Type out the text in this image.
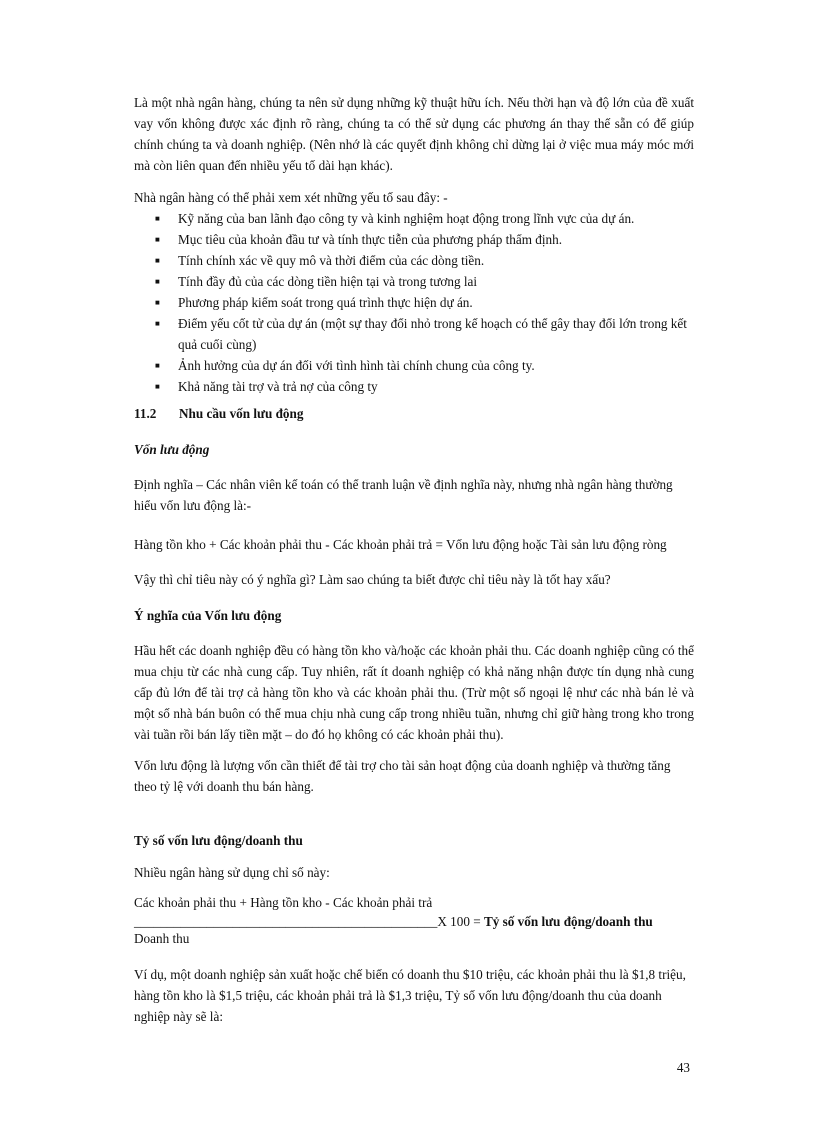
Là một nhà ngân hàng, chúng ta nên sử dụng những kỹ thuật hữu ích. Nếu thời hạn và độ lớn của đề xuất vay vốn không được xác định rõ ràng, chúng ta có thể sử dụng các phương án thay thế sẵn có để giúp chính chúng ta và doanh nghiệp. (Nên nhớ là các quyết định không chỉ dừng lại ở việc mua máy móc mới mà còn liên quan đến nhiều yếu tố dài hạn khác).

Nhà ngân hàng có thể phải xem xét những yếu tố sau đây: -

■ Kỹ năng của ban lãnh đạo công ty và kinh nghiệm hoạt động trong lĩnh vực của dự án.
■ Mục tiêu của khoản đầu tư và tính thực tiễn của phương pháp thẩm định.
■ Tính chính xác về quy mô và thời điểm của các dòng tiền.
■ Tính đầy đủ của các dòng tiền hiện tại và trong tương lai
■ Phương pháp kiểm soát trong quá trình thực hiện dự án.
■ Điểm yếu cốt tử của dự án (một sự thay đổi nhỏ trong kế hoạch có thể gây thay đổi lớn trong kết quả cuối cùng)
■ Ảnh hưởng của dự án đối với tình hình tài chính chung của công ty.
■ Khả năng tài trợ và trả nợ của công ty

11.2 Nhu cầu vốn lưu động

Vốn lưu động

Định nghĩa – Các nhân viên kế toán có thể tranh luận về định nghĩa này, nhưng nhà ngân hàng thường hiểu vốn lưu động là:-

Hàng tồn kho + Các khoản phải thu - Các khoản phải trả = Vốn lưu động hoặc Tài sản lưu động ròng

Vậy thì chỉ tiêu này có ý nghĩa gì? Làm sao chúng ta biết được chỉ tiêu này là tốt hay xấu?

Ý nghĩa của Vốn lưu động

Hầu hết các doanh nghiệp đều có hàng tồn kho và/hoặc các khoản phải thu. Các doanh nghiệp cũng có thể mua chịu từ các nhà cung cấp. Tuy nhiên, rất ít doanh nghiệp có khả năng nhận được tín dụng nhà cung cấp đủ lớn để tài trợ cả hàng tồn kho và các khoản phải thu. (Trừ một số ngoại lệ như các nhà bán lẻ và một số nhà bán buôn có thể mua chịu nhà cung cấp trong nhiều tuần, nhưng chỉ giữ hàng trong kho trong vài tuần rồi bán lấy tiền mặt – do đó họ không có các khoản phải thu).

Vốn lưu động là lượng vốn cần thiết để tài trợ cho tài sản hoạt động của doanh nghiệp và thường tăng theo tỷ lệ với doanh thu bán hàng.

Tỷ số vốn lưu động/doanh thu

Nhiều ngân hàng sử dụng chỉ số này:

Các khoản phải thu + Hàng tồn kho - Các khoản phải trả

______________________________________________X 100 = Tỷ số vốn lưu động/doanh thu

Doanh thu

Ví dụ, một doanh nghiệp sản xuất hoặc chế biến có doanh thu $10 triệu, các khoản phải thu là $1,8 triệu, hàng tồn kho là $1,5 triệu, các khoản phải trả là $1,3 triệu, Tỷ số vốn lưu động/doanh thu của doanh nghiệp này sẽ là:

43
